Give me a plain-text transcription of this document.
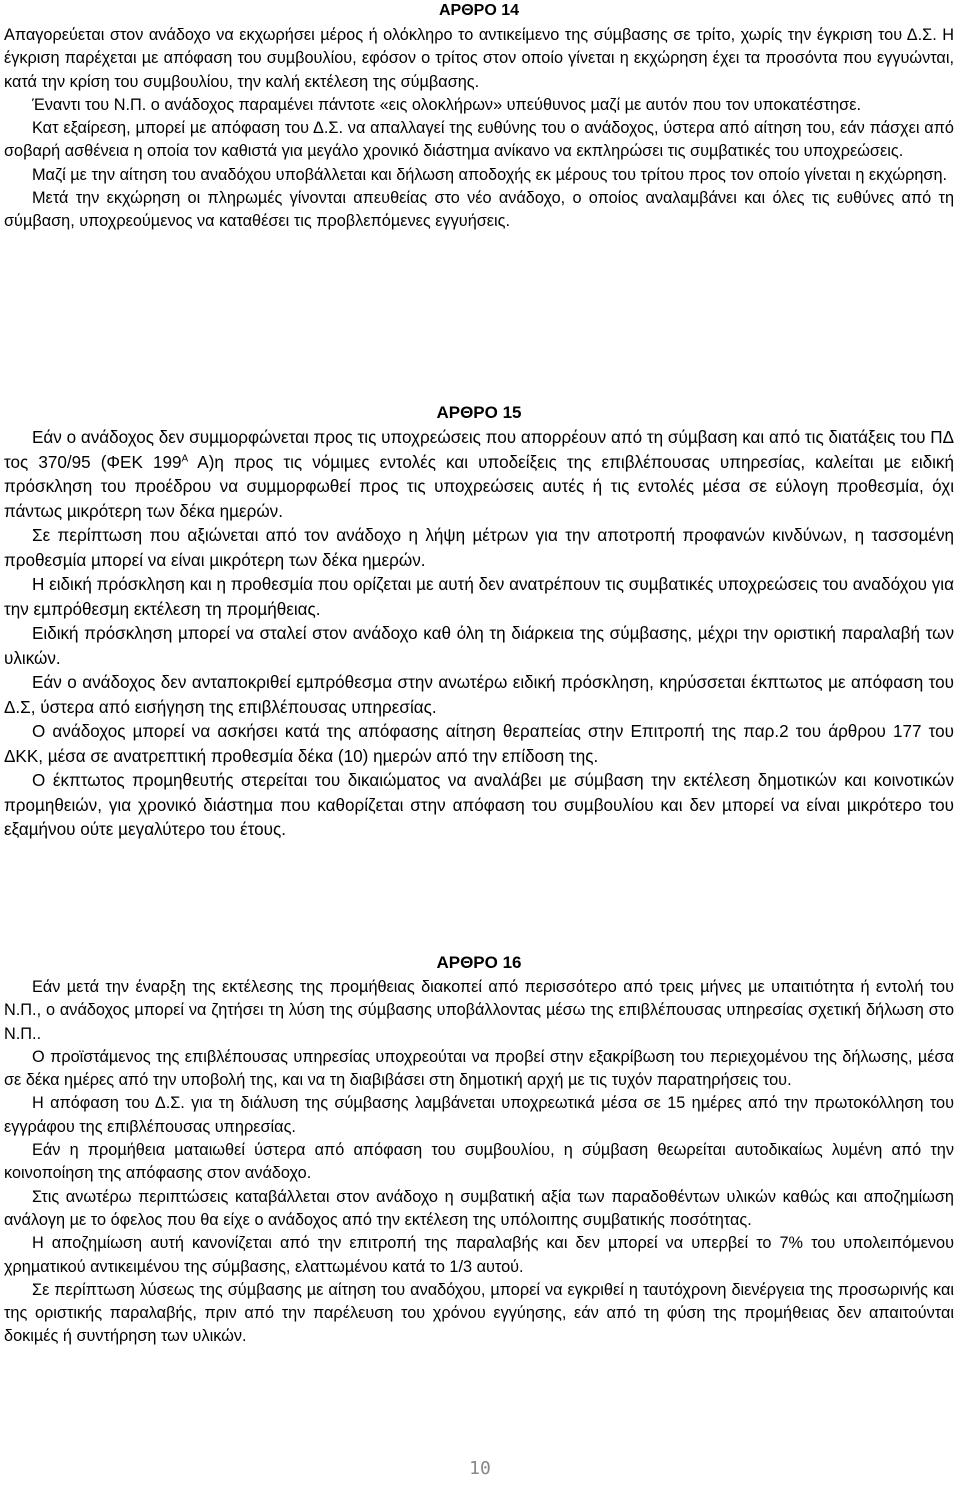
ΑΡΘΡΟ 14

Απαγορεύεται στον ανάδοχο να εκχωρήσει µέρος ή ολόκληρο το αντικείµενο της σύµβασης σε τρίτο, χωρίς την έγκριση του Δ.Σ. Η έγκριση παρέχεται µε απόφαση του συµβουλίου, εφόσον ο τρίτος στον οποίο γίνεται η εκχώρηση έχει τα προσόντα που εγγυώνται, κατά την κρίση του συµβουλίου, την καλή εκτέλεση της σύµβασης.

Έναντι του Ν.Π. ο ανάδοχος παραµένει πάντοτε «εις ολοκλήρων» υπεύθυνος µαζί µε αυτόν που τον υποκατέστησε.

Κατ εξαίρεση, µπορεί µε απόφαση του Δ.Σ. να απαλλαγεί της ευθύνης του ο ανάδοχος, ύστερα από αίτηση του, εάν πάσχει από σοβαρή ασθένεια η οποία τον καθιστά για µεγάλο χρονικό διάστηµα ανίκανο να εκπληρώσει τις συµβατικές του υποχρεώσεις.

Μαζί µε την αίτηση του αναδόχου υποβάλλεται και δήλωση αποδοχής εκ µέρους του τρίτου προς τον οποίο γίνεται η εκχώρηση.

Μετά την εκχώρηση οι πληρωµές γίνονται απευθείας στο νέο ανάδοχο, ο οποίος αναλαµβάνει και όλες τις ευθύνες από τη σύµβαση, υποχρεούµενος να καταθέσει τις προβλεπόµενες εγγυήσεις.

ΑΡΘΡΟ 15

Εάν ο ανάδοχος δεν συµµορφώνεται προς τις υποχρεώσεις που απορρέουν από τη σύµβαση και από τις διατάξεις του ΠΔ τος 370/95 (ΦΕΚ $199^A$ Α)η προς τις νόµιµες εντολές και υποδείξεις της επιβλέπουσας υπηρεσίας, καλείται µε ειδική πρόσκληση του προέδρου να συµµορφωθεί προς τις υποχρεώσεις αυτές ή τις εντολές µέσα σε εύλογη προθεσµία, όχι πάντως µικρότερη των δέκα ηµερών.

Σε περίπτωση που αξιώνεται από τον ανάδοχο η λήψη µέτρων για την αποτροπή προφανών κινδύνων, η τασσοµένη προθεσµία µπορεί να είναι µικρότερη των δέκα ηµερών.

Η ειδική πρόσκληση και η προθεσµία που ορίζεται µε αυτή δεν ανατρέπουν τις συµβατικές υποχρεώσεις του αναδόχου για την εµπρόθεσµη εκτέλεση τη προµήθειας.

Ειδική πρόσκληση µπορεί να σταλεί στον ανάδοχο καθ όλη τη διάρκεια της σύµβασης, µέχρι την οριστική παραλαβή των υλικών.

Εάν ο ανάδοχος δεν ανταποκριθεί εµπρόθεσµα στην ανωτέρω ειδική πρόσκληση, κηρύσσεται έκπτωτος µε απόφαση του Δ.Σ, ύστερα από εισήγηση της επιβλέπουσας υπηρεσίας.

Ο ανάδοχος µπορεί να ασκήσει κατά της απόφασης αίτηση θεραπείας στην Επιτροπή της παρ.2 του άρθρου 177 του ΔΚΚ, µέσα σε ανατρεπτική προθεσµία δέκα (10) ηµερών από την επίδοση της.

Ο έκπτωτος προµηθευτής στερείται του δικαιώµατος να αναλάβει µε σύµβαση την εκτέλεση δηµοτικών και κοινοτικών προµηθειών, για χρονικό διάστηµα που καθορίζεται στην απόφαση του συµβουλίου και δεν µπορεί να είναι µικρότερο του εξαµήνου ούτε µεγαλύτερο του έτους.

ΑΡΘΡΟ 16

Εάν µετά την έναρξη της εκτέλεσης της προµήθειας διακοπεί από περισσότερο από τρεις µήνες µε υπαιτιότητα ή εντολή του Ν.Π., ο ανάδοχος µπορεί να ζητήσει τη λύση της σύµβασης υποβάλλοντας µέσω της επιβλέπουσας υπηρεσίας σχετική δήλωση στο Ν.Π..

Ο προϊστάµενος της επιβλέπουσας υπηρεσίας υποχρεούται να προβεί στην εξακρίβωση του περιεχοµένου της δήλωσης, µέσα σε δέκα ηµέρες από την υποβολή της, και να τη διαβιβάσει στη δηµοτική αρχή µε τις τυχόν παρατηρήσεις του.

Η απόφαση του Δ.Σ. για τη διάλυση της σύµβασης λαµβάνεται υποχρεωτικά µέσα σε 15 ηµέρες από την πρωτοκόλληση του εγγράφου της επιβλέπουσας υπηρεσίας.

Εάν η προµήθεια µαταιωθεί ύστερα από απόφαση του συµβουλίου, η σύµβαση θεωρείται αυτοδικαίως λυµένη από την κοινοποίηση της απόφασης στον ανάδοχο.

Στις ανωτέρω περιπτώσεις καταβάλλεται στον ανάδοχο η συµβατική αξία των παραδοθέντων υλικών καθώς και αποζηµίωση ανάλογη µε το όφελος που θα είχε ο ανάδοχος από την εκτέλεση της υπόλοιπης συµβατικής ποσότητας.

Η αποζηµίωση αυτή κανονίζεται από την επιτροπή της παραλαβής και δεν µπορεί να υπερβεί το 7% του υπολειπόµενου χρηµατικού αντικειµένου της σύµβασης, ελαττωµένου κατά το 1/3 αυτού.

Σε περίπτωση λύσεως της σύµβασης µε αίτηση του αναδόχου, µπορεί να εγκριθεί η ταυτόχρονη διενέργεια της προσωρινής και της οριστικής παραλαβής, πριν από την παρέλευση του χρόνου εγγύησης, εάν από τη φύση της προµήθειας δεν απαιτούνται δοκιµές ή συντήρηση των υλικών.

10
